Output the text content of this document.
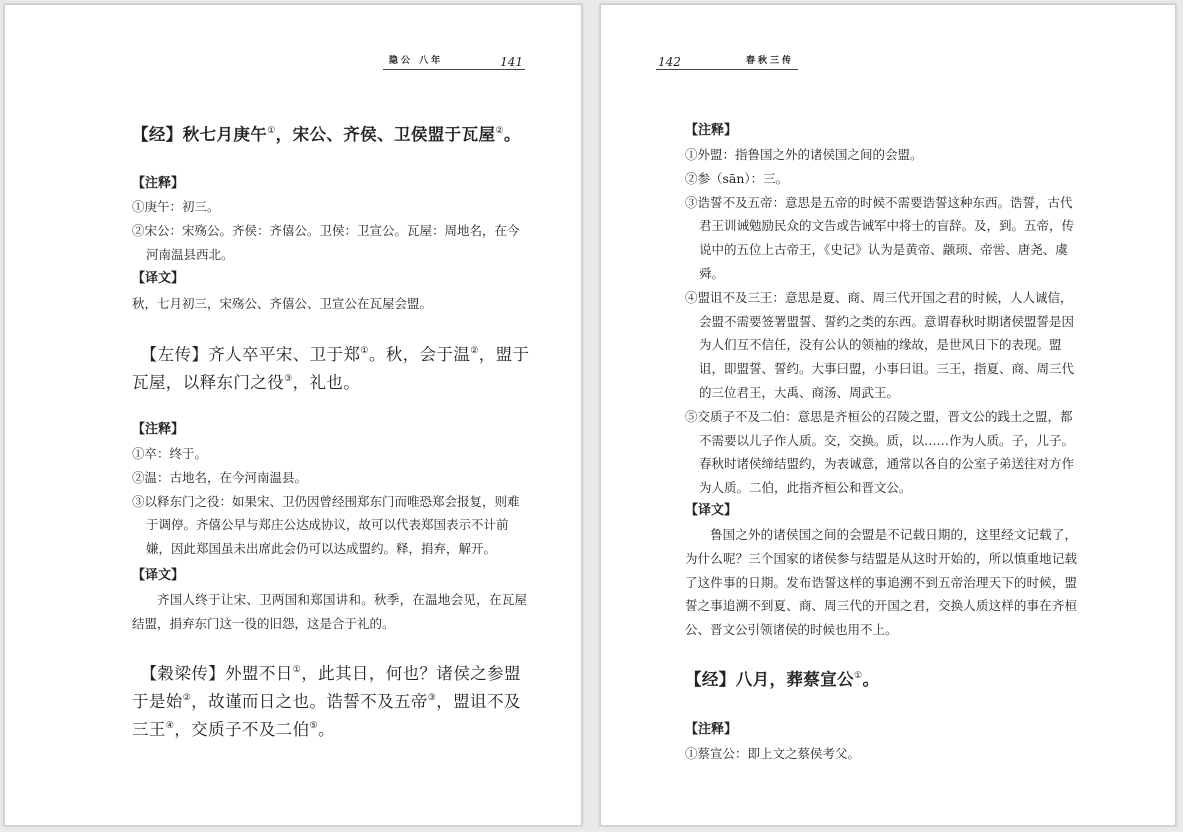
隐公 八年	141

【经】秋七月庚午①，宋公、齐侯、卫侯盟于瓦屋②。

【注释】
①庚午：初三。
②宋公：宋殇公。齐侯：齐僖公。卫侯：卫宣公。瓦屋：周地名，在今河南温县西北。
【译文】
秋，七月初三，宋殇公、齐僖公、卫宣公在瓦屋会盟。

　【左传】齐人卒平宋、卫于郑①。秋，会于温②，盟于瓦屋，以释东门之役③，礼也。

【注释】
①卒：终于。
②温：古地名，在今河南温县。
③以释东门之役：如果宋、卫仍因曾经围郑东门而唯恐郑会报复，则难于调停。齐僖公早与郑庄公达成协议，故可以代表郑国表示不计前嫌，因此郑国虽未出席此会仍可以达成盟约。释，捐弃，解开。
【译文】
齐国人终于让宋、卫两国和郑国讲和。秋季，在温地会见，在瓦屋结盟，捐弃东门这一役的旧怨，这是合于礼的。

　【穀梁传】外盟不日①，此其日，何也？诸侯之参盟于是始②，故谨而日之也。诰誓不及五帝③，盟诅不及三王④，交质子不及二伯⑤。

142	春秋三传
【注释】
①外盟：指鲁国之外的诸侯国之间的会盟。
②参（sān）：三。
③诰誓不及五帝：意思是五帝的时候不需要诰誓这种东西。诰誓，古代君王训诫勉励民众的文告或告诫军中将士的盲辞。及，到。五帝，传说中的五位上古帝王，《史记》认为是黄帝、颛顼、帝喾、唐尧、虞舜。
④盟诅不及三王：意思是夏、商、周三代开国之君的时候，人人诚信，会盟不需要签署盟誓、誓约之类的东西。意谓春秋时期诸侯盟誓是因为人们互不信任，没有公认的领袖的缘故，是世风日下的表现。盟诅，即盟誓、誓约。大事曰盟，小事曰诅。三王，指夏、商、周三代的三位君王，大禹、商汤、周武王。
⑤交质子不及二伯：意思是齐桓公的召陵之盟，晋文公的践土之盟，都不需要以儿子作人质。交，交换。质，以……作为人质。子，儿子。春秋时诸侯缔结盟约，为表诚意，通常以各自的公室子弟送往对方作为人质。二伯，此指齐桓公和晋文公。
【译文】
鲁国之外的诸侯国之间的会盟是不记载日期的，这里经文记载了，为什么呢？三个国家的诸侯参与结盟是从这时开始的，所以慎重地记载了这件事的日期。发布诰誓这样的事追溯不到五帝治理天下的时候，盟誓之事追溯不到夏、商、周三代的开国之君，交换人质这样的事在齐桓公、晋文公引领诸侯的时候也用不上。

【经】八月，葬蔡宣公①。

【注释】
①蔡宣公：即上文之蔡侯考父。
